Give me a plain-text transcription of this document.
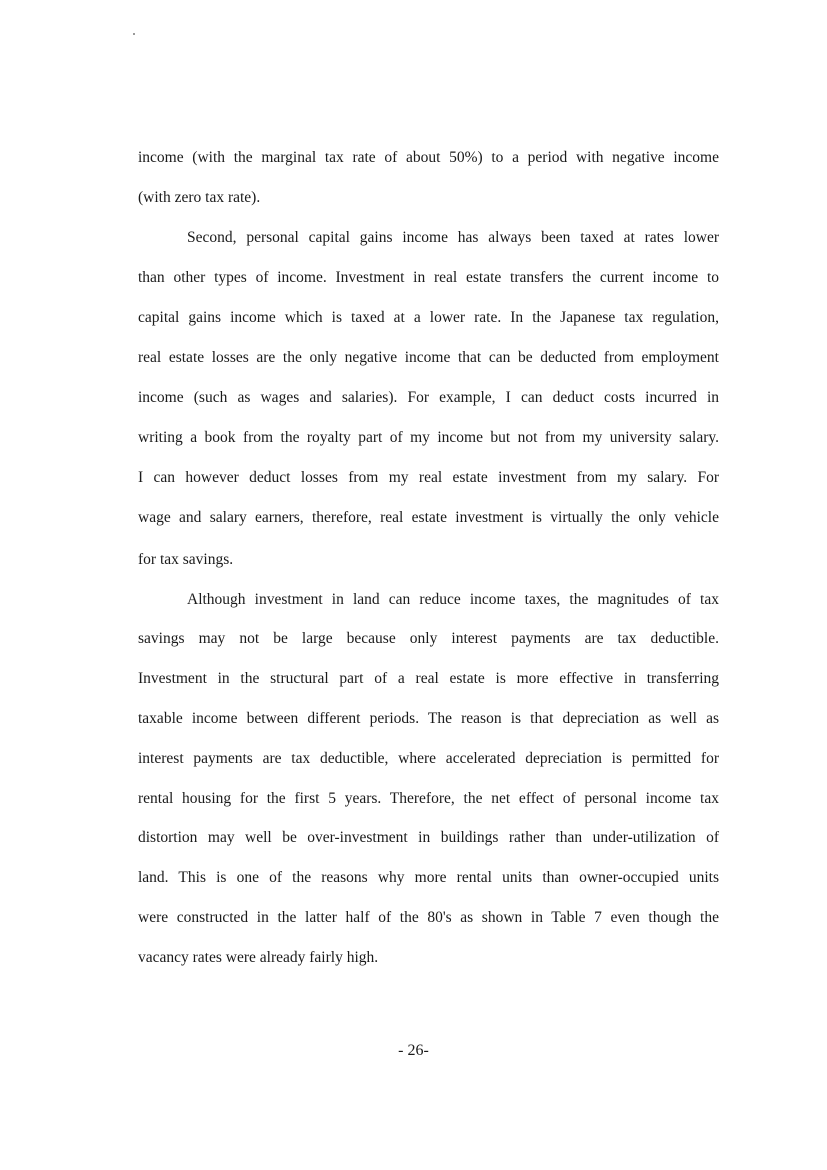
income (with the marginal tax rate of about 50%) to a period with negative income
(with zero tax rate).
Second, personal capital gains income has always been taxed at rates lower
than other types of income. Investment in real estate transfers the current income to
capital gains income which is taxed at a lower rate. In the Japanese tax regulation,
real estate losses are the only negative income that can be deducted from employment
income (such as wages and salaries). For example, I can deduct costs incurred in
writing a book from the royalty part of my income but not from my university salary.
I can however deduct losses from my real estate investment from my salary. For
wage and salary earners, therefore, real estate investment is virtually the only vehicle
for tax savings.
Although investment in land can reduce income taxes, the magnitudes of tax
savings may not be large because only interest payments are tax deductible.
Investment in the structural part of a real estate is more effective in transferring
taxable income between different periods. The reason is that depreciation as well as
interest payments are tax deductible, where accelerated depreciation is permitted for
rental housing for the first 5 years. Therefore, the net effect of personal income tax
distortion may well be over-investment in buildings rather than under-utilization of
land. This is one of the reasons why more rental units than owner-occupied units
were constructed in the latter half of the 80's as shown in Table 7 even though the
vacancy rates were already fairly high.
- 26-
